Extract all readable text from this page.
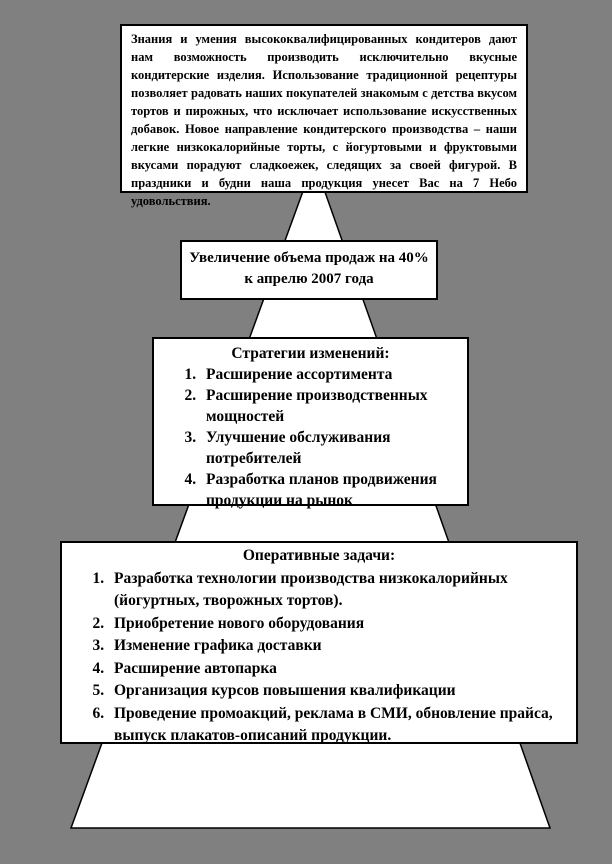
Знания и умения высококвалифицированных кондитеров дают нам возможность производить исключительно вкусные кондитерские изделия. Использование традиционной рецептуры позволяет радовать наших покупателей знакомым с детства вкусом тортов и пирожных, что исключает использование искусственных добавок. Новое направление кондитерского производства – наши легкие низкокалорийные торты, с йогуртовыми и фруктовыми вкусами порадуют сладкоежек, следящих за своей фигурой. В праздники и будни наша продукция унесет Вас на 7 Небо удовольствия.

Увеличение объема продаж на 40%
к апрелю 2007 года
Стратегии изменений:
1. Расширение ассортимента
2. Расширение производственных мощностей
3. Улучшение обслуживания потребителей
4. Разработка планов продвижения продукции на рынок
Оперативные задачи:
1. Разработка технологии производства низкокалорийных (йогуртных, творожных тортов).
2. Приобретение нового оборудования
3. Изменение графика доставки
4. Расширение автопарка
5. Организация курсов повышения квалификации
6. Проведение промоакций, реклама в СМИ, обновление прайса, выпуск плакатов-описаний продукции.
